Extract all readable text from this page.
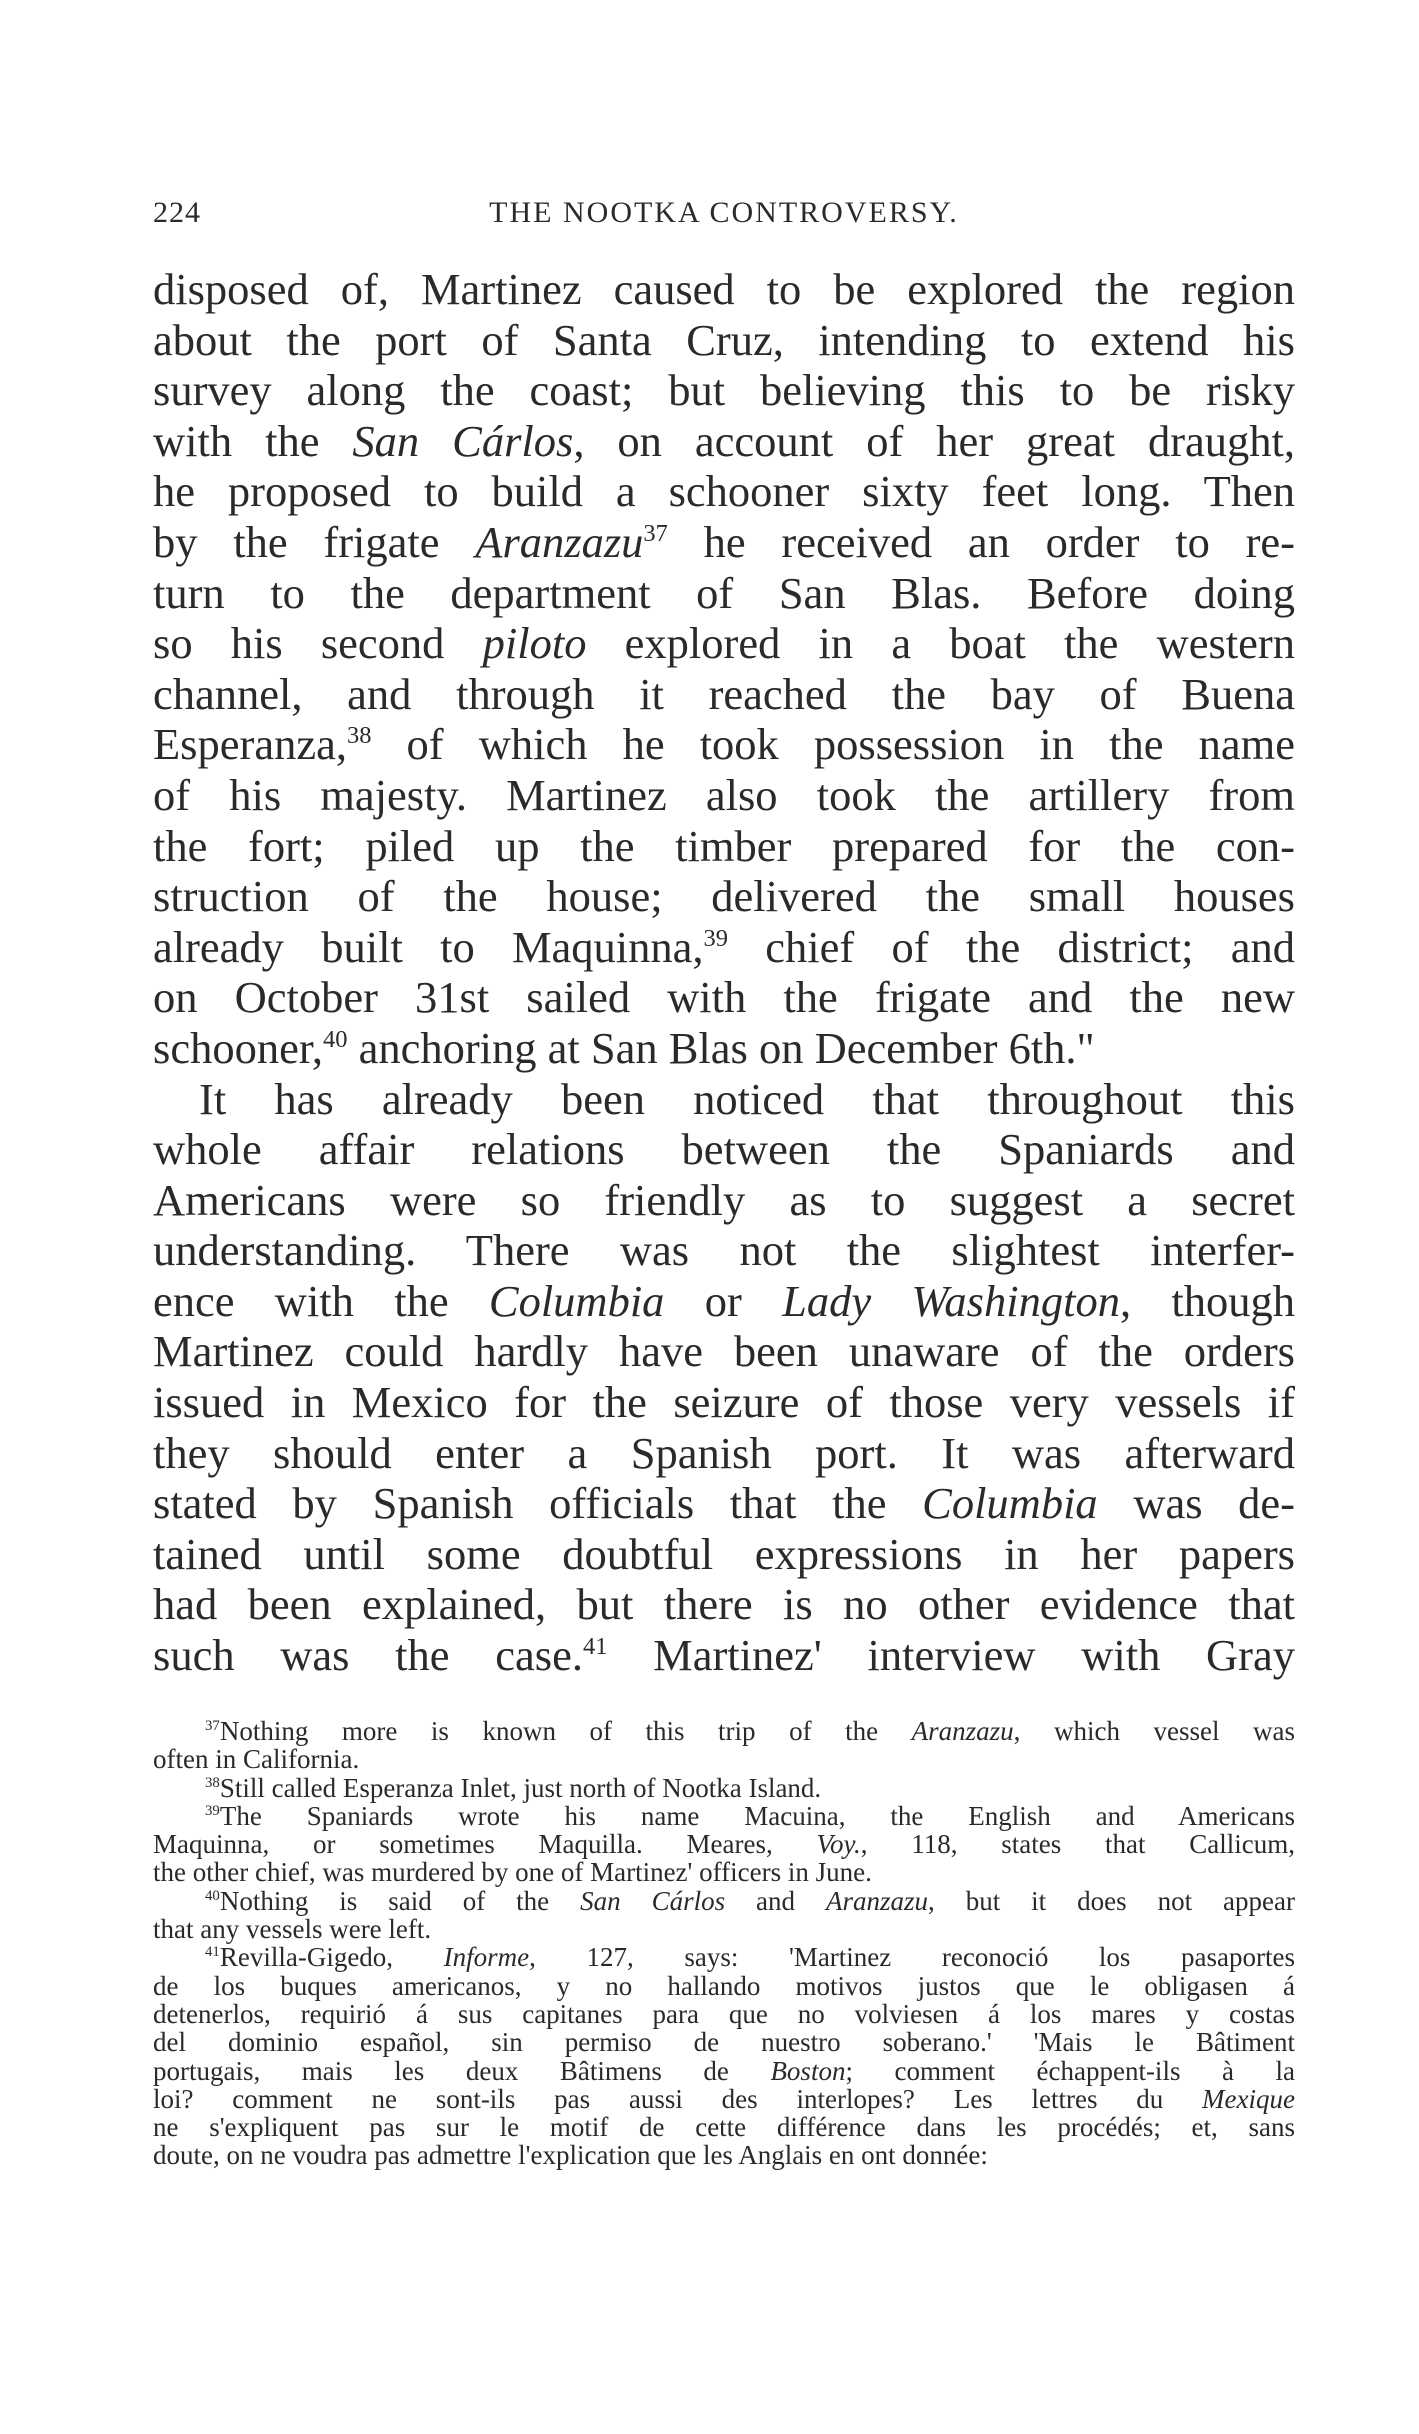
224	THE NOOTKA CONTROVERSY.
disposed of, Martinez caused to be explored the region
about the port of Santa Cruz, intending to extend his
survey along the coast; but believing this to be risky
with the San Cárlos, on account of her great draught,
he proposed to build a schooner sixty feet long. Then
by the frigate Aranzazu$^{37}$ he received an order to re-
turn to the department of San Blas. Before doing
so his second piloto explored in a boat the western
channel, and through it reached the bay of Buena
Esperanza,$^{38}$ of which he took possession in the name
of his majesty. Martinez also took the artillery from
the fort; piled up the timber prepared for the con-
struction of the house; delivered the small houses
already built to Maquinna,$^{39}$ chief of the district; and
on October 31st sailed with the frigate and the new
schooner,$^{40}$ anchoring at San Blas on December 6th."
It has already been noticed that throughout this
whole affair relations between the Spaniards and
Americans were so friendly as to suggest a secret
understanding. There was not the slightest interfer-
ence with the Columbia or Lady Washington, though
Martinez could hardly have been unaware of the orders
issued in Mexico for the seizure of those very vessels if
they should enter a Spanish port. It was afterward
stated by Spanish officials that the Columbia was de-
tained until some doubtful expressions in her papers
had been explained, but there is no other evidence that
such was the case.$^{41}$ Martinez' interview with Gray
$^{37}$Nothing more is known of this trip of the Aranzazu, which vessel was
often in California.
$^{38}$Still called Esperanza Inlet, just north of Nootka Island.
$^{39}$The Spaniards wrote his name Macuina, the English and Americans
Maquinna, or sometimes Maquilla. Meares, Voy., 118, states that Callicum,
the other chief, was murdered by one of Martinez' officers in June.
$^{40}$Nothing is said of the San Cárlos and Aranzazu, but it does not appear
that any vessels were left.
$^{41}$Revilla-Gigedo, Informe, 127, says: 'Martinez reconoció los pasaportes
de los buques americanos, y no hallando motivos justos que le obligasen á
detenerlos, requirió á sus capitanes para que no volviesen á los mares y costas
del dominio español, sin permiso de nuestro soberano.' 'Mais le Bâtiment
portugais, mais les deux Bâtimens de Boston; comment échappent-ils à la
loi? comment ne sont-ils pas aussi des interlopes? Les lettres du Mexique
ne s'expliquent pas sur le motif de cette différence dans les procédés; et, sans
doute, on ne voudra pas admettre l'explication que les Anglais en ont donnée:
